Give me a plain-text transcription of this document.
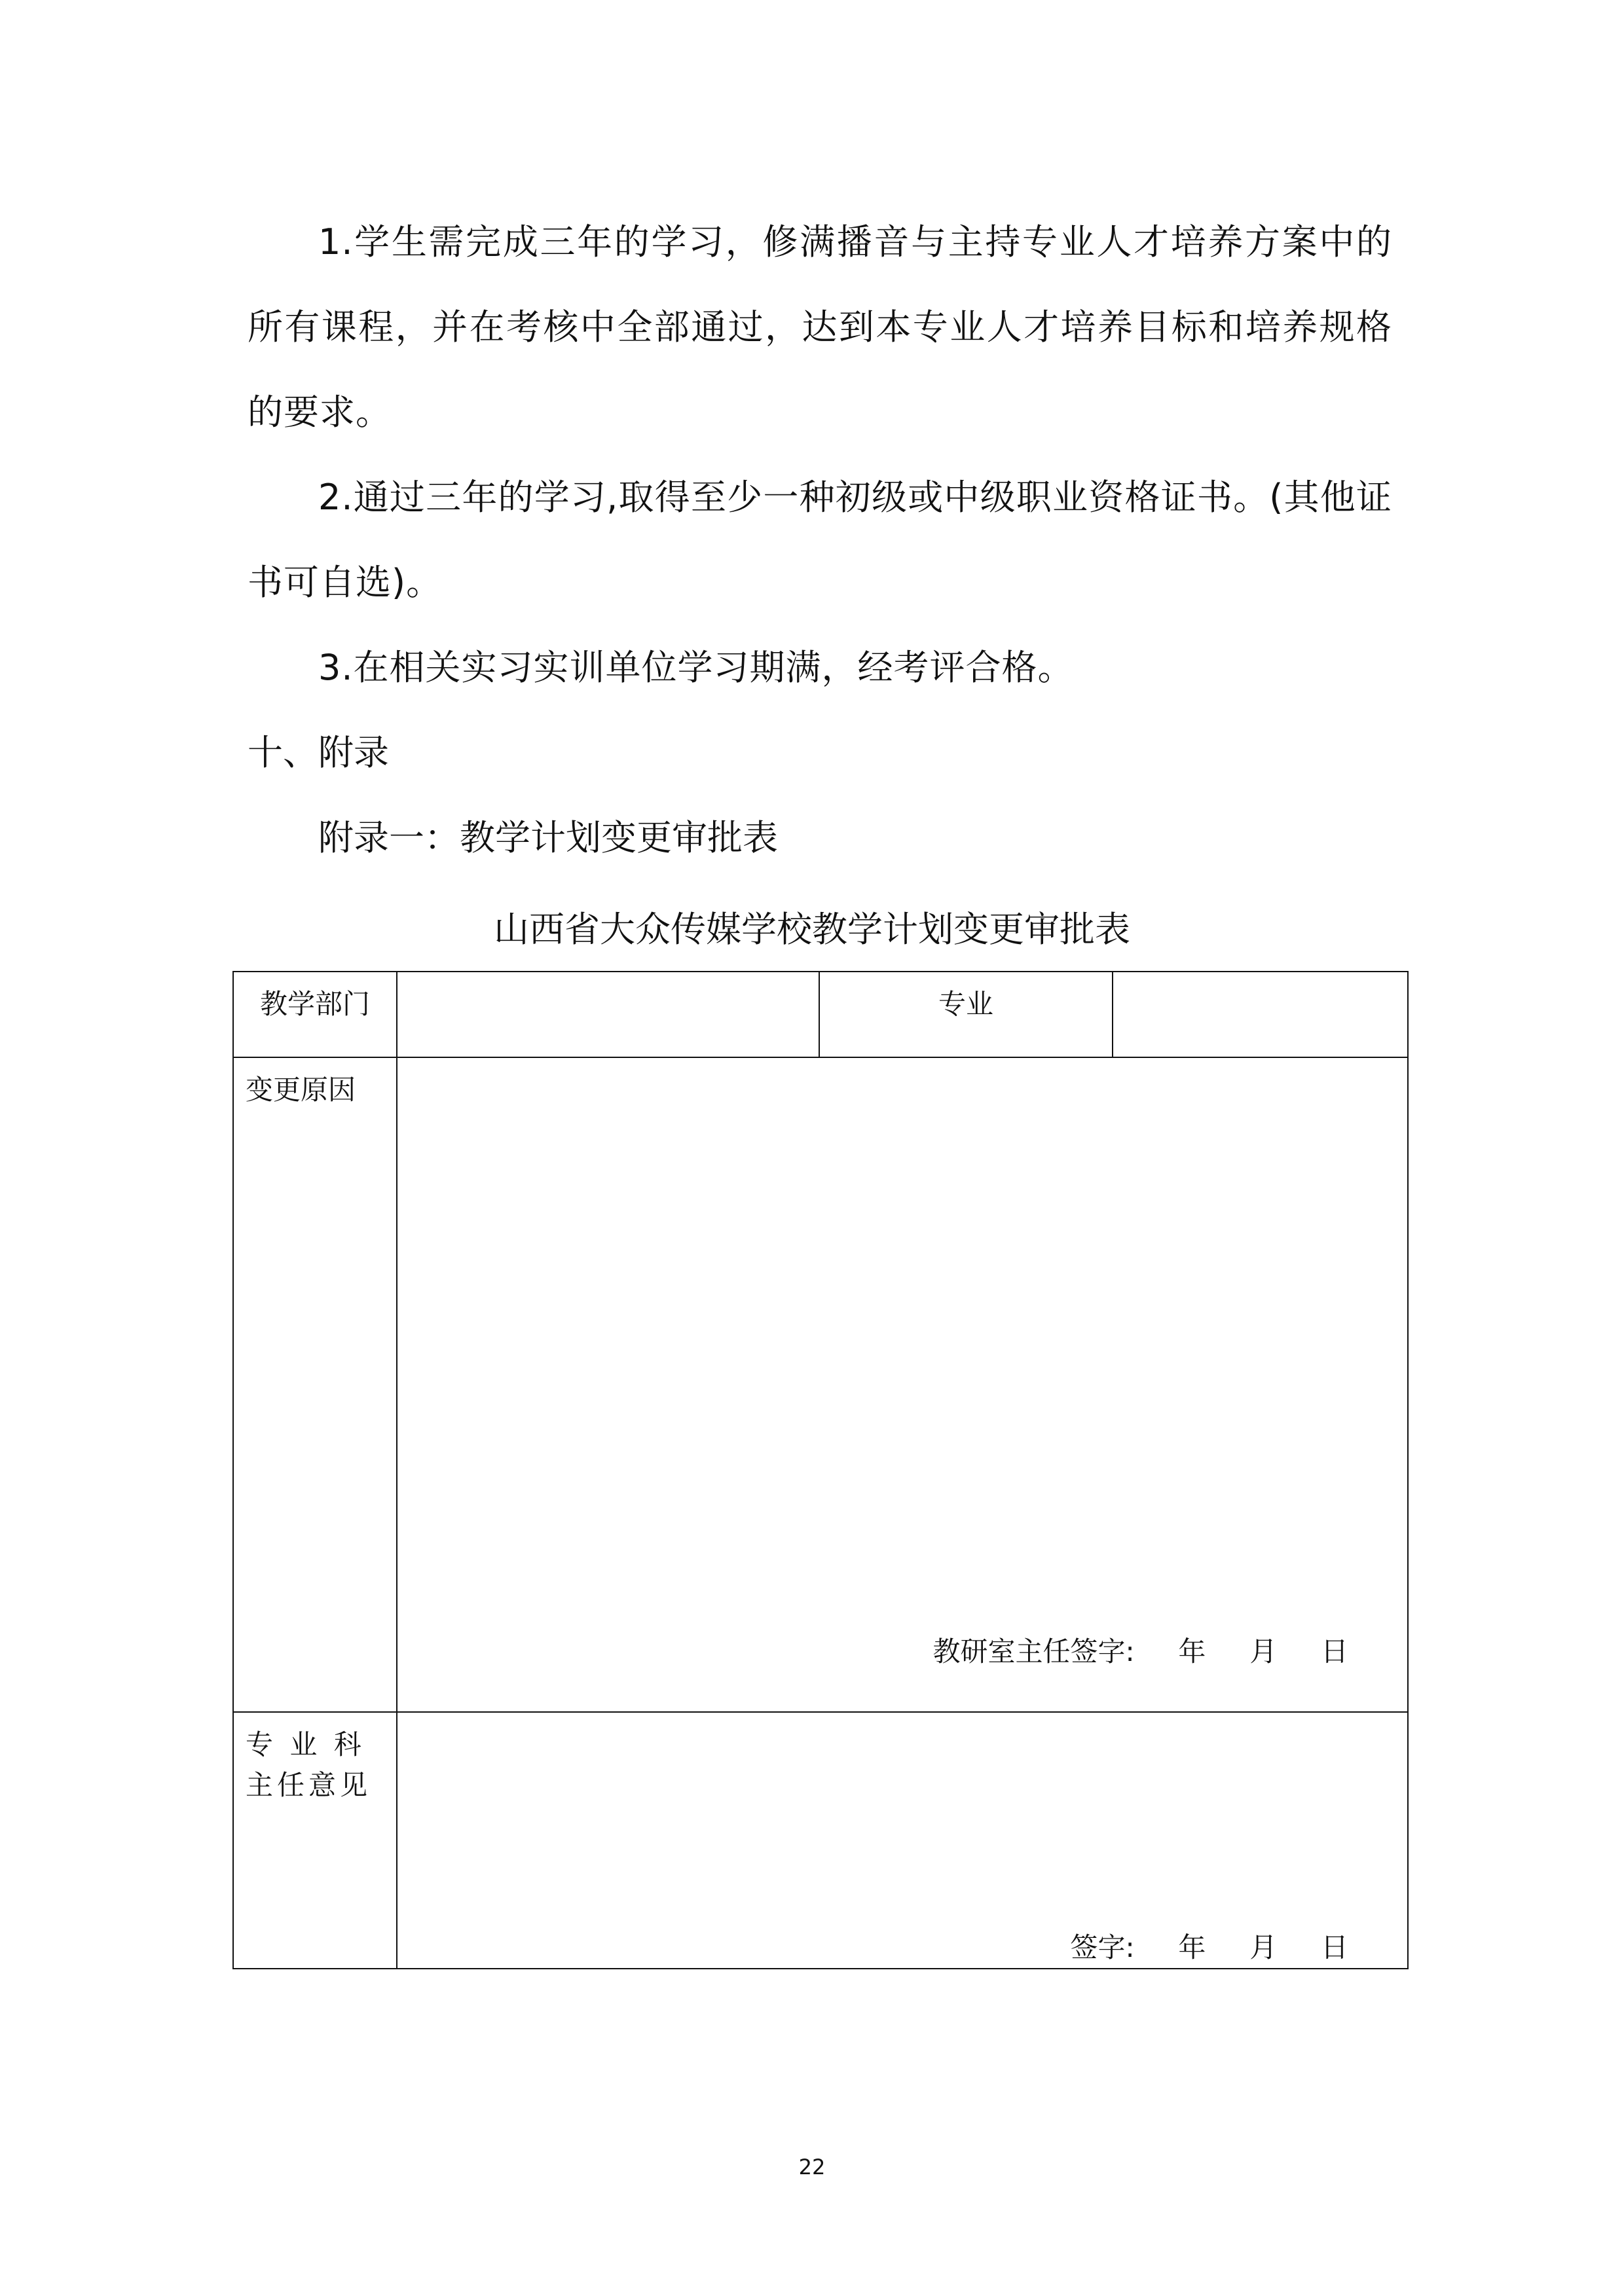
1.学生需完成三年的学习，修满播音与主持专业人才培养方案中的所有课程，并在考核中全部通过，达到本专业人才培养目标和培养规格的要求。

2.通过三年的学习,取得至少一种初级或中级职业资格证书。(其他证书可自选)。

3.在相关实习实训单位学习期满，经考评合格。

十、附录

附录一：教学计划变更审批表

山西省大众传媒学校教学计划变更审批表

教学部门		专业	
变更原因	教研室主任签字: 年 月 日		

专 业 科 主任意见	签字: 年 月 日		
22
